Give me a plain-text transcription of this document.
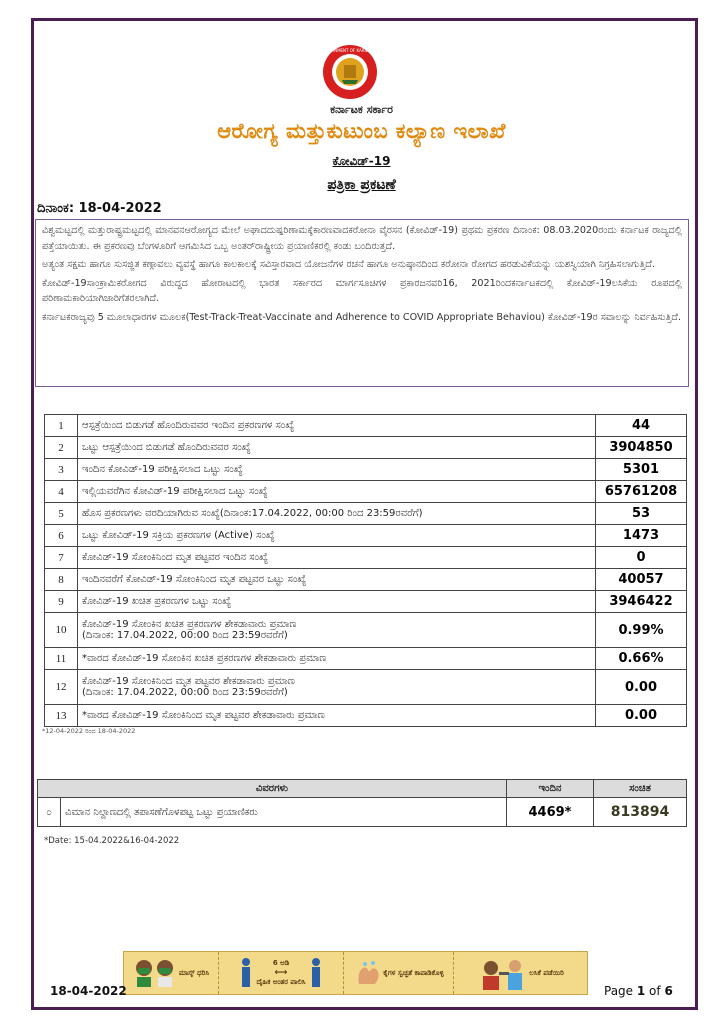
GOVERNMENT OF KARNATAKA
ಕರ್ನಾಟಕ ಸರ್ಕಾರ
ಆರೋಗ್ಯ ಮತ್ತುಕುಟುಂಬ ಕಲ್ಯಾಣ ಇಲಾಖೆ
ಕೋವಿಡ್-19
ಪತ್ರಿಕಾ ಪ್ರಕಟಣೆ
ದಿನಾಂಕ: 18-04-2022

ವಿಶ್ವಮಟ್ಟದಲ್ಲಿ ಮತ್ತುರಾಷ್ಟ್ರಮಟ್ಟದಲ್ಲಿ ಮಾನವನಆರೋಗ್ಯದ ಮೇಲೆ ಅಘಾದದುಷ್ಪರಿಣಾಮಕ್ಕೆಕಾರಣವಾದಕರೋನಾ ವೈರಸನ (ಕೋವಿಡ್-19) ಪ್ರಥಮ ಪ್ರಕರಣ ದಿನಾಂಕ: 08.03.2020ರಂದು ಕರ್ನಾಟಕ ರಾಜ್ಯದಲ್ಲಿ ಪತ್ತೆಯಾಯಿತು. ಈ ಪ್ರಕರಣವು ಬೆಂಗಳೂರಿಗೆ ಆಗಮಿಸಿದ ಒಬ್ಬ ಅಂತರ್‌ರಾಷ್ಟ್ರೀಯ ಪ್ರಯಾಣಿಕರಲ್ಲಿ ಕಂಡು ಬಂದಿರುತ್ತದೆ.

ಅತ್ಯಂತ ಸಕ್ಷಮ ಹಾಗೂ ಸುಸಜ್ಜಿತ ಕಣ್ಗಾವಲು ವ್ಯವಸ್ಥೆ ಹಾಗೂ ಕಾಲಕಾಲಕ್ಕೆ ಸವಿಸ್ತಾರವಾದ ಯೋಜನೆಗಳ ರಚನೆ ಹಾಗೂ ಅನುಷ್ಠಾನದಿಂದ ಕರೋನಾ ರೋಗದ ಹರಡುವಿಕೆಯನ್ನು ಯಶಸ್ವಿಯಾಗಿ ನಿಗ್ರಹಿಸಲಾಗುತ್ತಿದೆ.

ಕೋವಿಡ್-19ಸಾಂಕ್ರಾಮಿಕರೋಗದ ವಿರುದ್ಧದ ಹೋರಾಟದಲ್ಲಿ ಭಾರತ ಸರ್ಕಾರದ ಮಾರ್ಗಸೂಚಿಗಳ ಪ್ರಕಾರಜನವರಿ16, 2021ರಿಂದಕರ್ನಾಟಕದಲ್ಲಿ ಕೋವಿಡ್-19ಲಸಿಕೆಯ ರೂಪದಲ್ಲಿ ಪರಿಣಾಮಕಾರಿಯಾಗಿಜಾರಿಗೆತರಲಾಗಿದೆ.

ಕರ್ನಾಟಕರಾಜ್ಯವು 5 ಮೂಲಾಧಾರಗಳ ಮೂಲಕ(Test-Track-Treat-Vaccinate and Adherence to COVID Appropriate Behaviou) ಕೋವಿಡ್-19ರ ಸವಾಲನ್ನು ನಿರ್ವಹಿಸುತ್ತಿದೆ.

1	ಆಸ್ಪತ್ರೆಯಿಂದ ಬಿಡುಗಡೆ ಹೊಂದಿರುವವರ ಇಂದಿನ ಪ್ರಕರಣಗಳ ಸಂಖ್ಯೆ	44
2	ಒಟ್ಟು ಆಸ್ಪತ್ರೆಯಿಂದ ಬಿಡುಗಡೆ ಹೊಂದಿರುವವರ ಸಂಖ್ಯೆ	3904850
3	ಇಂದಿನ ಕೋವಿಡ್-19 ಪರೀಕ್ಷಿಸಲಾದ ಒಟ್ಟು ಸಂಖ್ಯೆ	5301
4	ಇಲ್ಲಿಯವರೆಗಿನ ಕೋವಿಡ್-19 ಪರೀಕ್ಷಿಸಲಾದ ಒಟ್ಟು ಸಂಖ್ಯೆ	65761208
5	ಹೊಸ ಪ್ರಕರಣಗಳು ವರದಿಯಾಗಿರುವ ಸಂಖ್ಯೆ(ದಿನಾಂಕ:17.04.2022, 00:00 ರಿಂದ 23:59ರವರೆಗೆ)	53
6	ಒಟ್ಟು ಕೋವಿಡ್-19 ಸಕ್ರಿಯ ಪ್ರಕರಣಗಳ (Active) ಸಂಖ್ಯೆ	1473
7	ಕೋವಿಡ್-19 ಸೋಂಕಿನಿಂದ ಮೃತ ಪಟ್ಟವರ ಇಂದಿನ ಸಂಖ್ಯೆ	0
8	ಇಂದಿನವರೆಗೆ ಕೋವಿಡ್-19 ಸೋಂಕಿನಿಂದ ಮೃತ ಪಟ್ಟವರ ಒಟ್ಟು ಸಂಖ್ಯೆ	40057
9	ಕೋವಿಡ್-19 ಖಚಿತ ಪ್ರಕರಣಗಳ ಒಟ್ಟು ಸಂಖ್ಯೆ	3946422
10	ಕೋವಿಡ್-19 ಸೋಂಕಿನ ಖಚಿತ ಪ್ರಕರಣಗಳ ಶೇಕಡಾವಾರು ಪ್ರಮಾಣ
(ದಿನಾಂಕ: 17.04.2022, 00:00 ರಿಂದ 23:59ರವರೆಗೆ)	0.99%
11	*ವಾರದ ಕೋವಿಡ್-19 ಸೋಂಕಿನ ಖಚಿತ ಪ್ರಕರಣಗಳ ಶೇಕಡಾವಾರು ಪ್ರಮಾಣ	0.66%
12	ಕೋವಿಡ್-19 ಸೋಂಕಿನಿಂದ ಮೃತ ಪಟ್ಟವರ ಶೇಕಡಾವಾರು ಪ್ರಮಾಣ
(ದಿನಾಂಕ: 17.04.2022, 00:00 ರಿಂದ 23:59ರವರೆಗೆ)	0.00
13	*ವಾರದ ಕೋವಿಡ್-19 ಸೋಂಕಿನಿಂದ ಮೃತ ಪಟ್ಟವರ ಶೇಕಡಾವಾರು ಪ್ರಮಾಣ	0.00
*12-04-2022 ರಿಂದ 18-04-2022
ವಿವರಗಳು		ಇಂದಿನ	ಸಂಚಿತ
೦	ವಿಮಾನ ನಿಲ್ದಾಣದಲ್ಲಿ ತಪಾಸಣೆಗೊಳಪಟ್ಟ ಒಟ್ಟು ಪ್ರಯಾಣಿಕರು	4469*	813894
*Date: 15-04.2022&16-04-2022
ಮಾಸ್ಕ್ ಧರಿಸಿ
6 ಅಡಿ
⟷
ದೈಹಿಕ ಅಂತರ ಪಾಲಿಸಿ
ಕೈಗಳ ಸ್ವಚ್ಛತೆ ಕಾಪಾಡಿಕೊಳ್ಳಿ	ಲಸಿಕೆ ಪಡೆಯಿರಿ
18-04-2022	Page 1 of 6
